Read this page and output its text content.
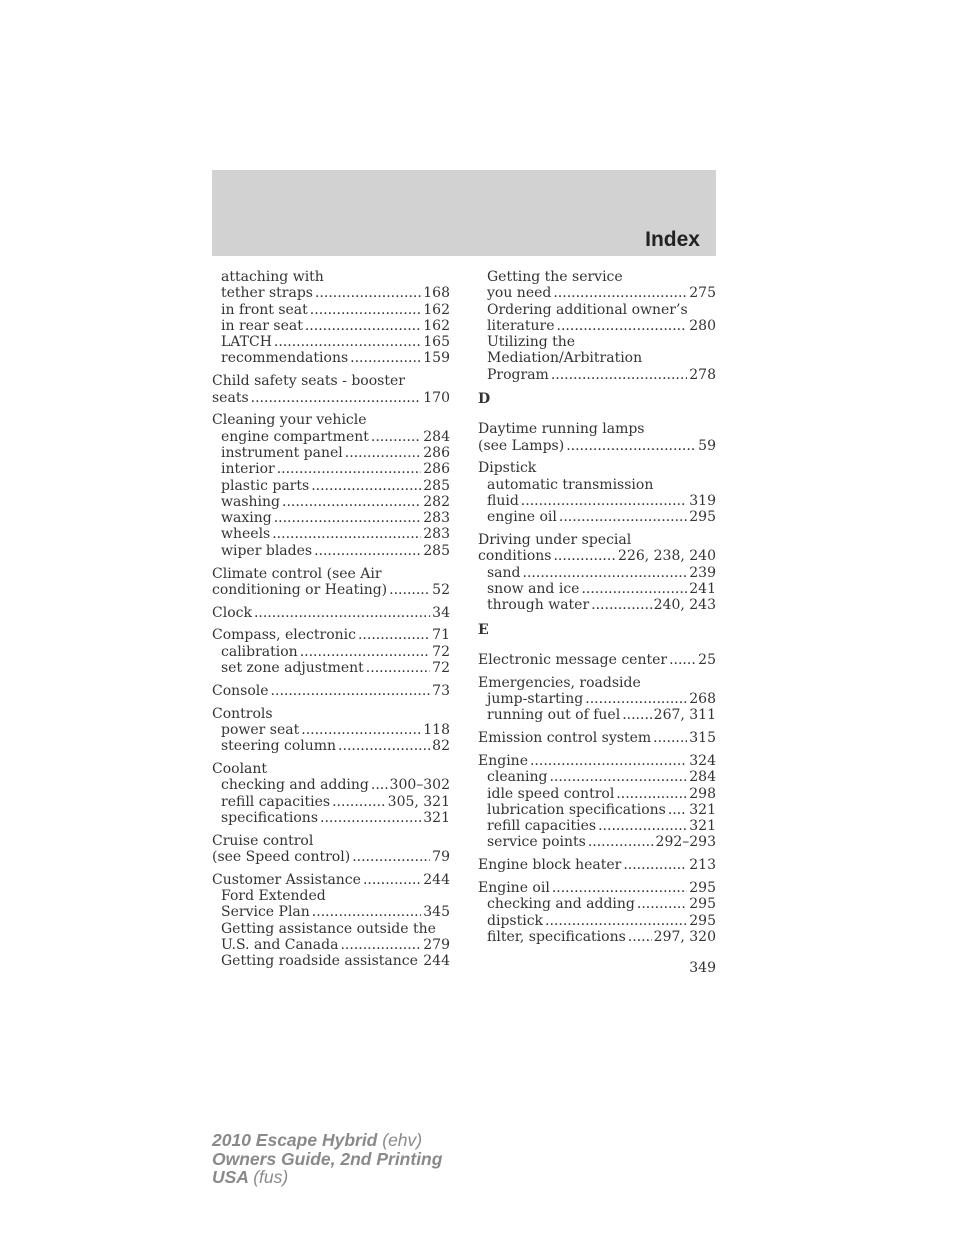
Index
attaching with
tether straps .....	168
in front seat .....	162
in rear seat .....	162
LATCH .....	165
recommendations .....	159
Child safety seats - booster
seats .....	170
Cleaning your vehicle
engine compartment .....	284
instrument panel .....	286
interior .....	286
plastic parts .....	285
washing .....	282
waxing .....	283
wheels .....	283
wiper blades .....	285
Climate control (see Air
conditioning or Heating) .....	52
Clock .....	34
Compass, electronic .....	71
calibration .....	72
set zone adjustment .....	72
Console .....	73
Controls
power seat .....	118
steering column .....	82
Coolant
checking and adding ..... 300–302
refill capacities .....	305, 321
specifications .....	321
Cruise control
(see Speed control) .....	79
Customer Assistance .....	244
Ford Extended
Service Plan .....	345
Getting assistance outside the
U.S. and Canada .....	279
Getting roadside assistance ..... 244
Getting the service
you need .....	275
Ordering additional owner’s
literature .....	280
Utilizing the
Mediation/Arbitration
Program .....	278
D
Daytime running lamps
(see Lamps) .....	59
Dipstick
automatic transmission
fluid .....	319
engine oil .....	295
Driving under special
conditions .....	226, 238, 240
sand .....	239
snow and ice .....	241
through water .....	240, 243
E
Electronic message center ..... 25
Emergencies, roadside
jump-starting .....	268
running out of fuel ..... 267, 311
Emission control system .....	315
Engine .....	324
cleaning .....	284
idle speed control .....	298
lubrication specifications ..... 321
refill capacities .....	321
service points .....	292–293
Engine block heater .....	213
Engine oil .....	295
checking and adding .....	295
dipstick .....	295
filter, specifications ..... 297, 320
349
2010 Escape Hybrid (ehv)
Owners Guide, 2nd Printing
USA (fus)
